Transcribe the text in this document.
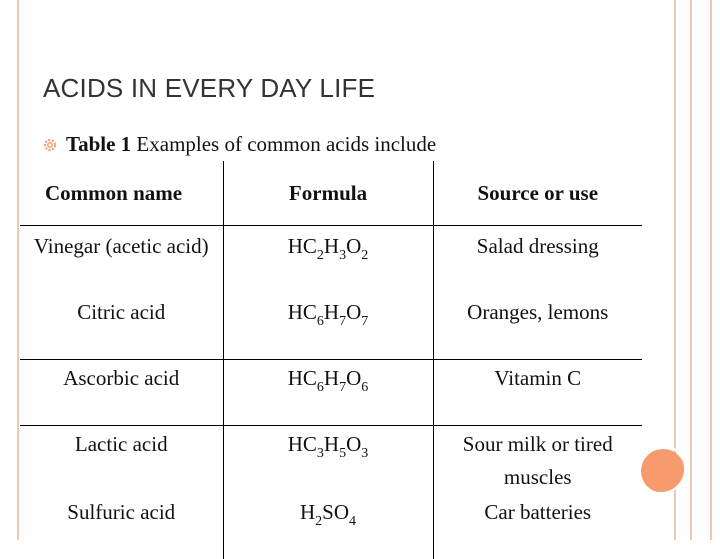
ACIDS IN EVERY DAY LIFE
Table 1 Examples of common acids include
Common name	Formula	Source or use
Vinegar (acetic acid)	$HC_2H_3O_2$	Salad dressing
Citric acid	$HC_6H_7O_7$	Oranges, lemons
Ascorbic acid	$HC_6H_7O_6$	Vitamin C
Lactic acid	$HC_3H_5O_3$	Sour milk or tired muscles
Sulfuric acid	$H_2SO_4$	Car batteries
